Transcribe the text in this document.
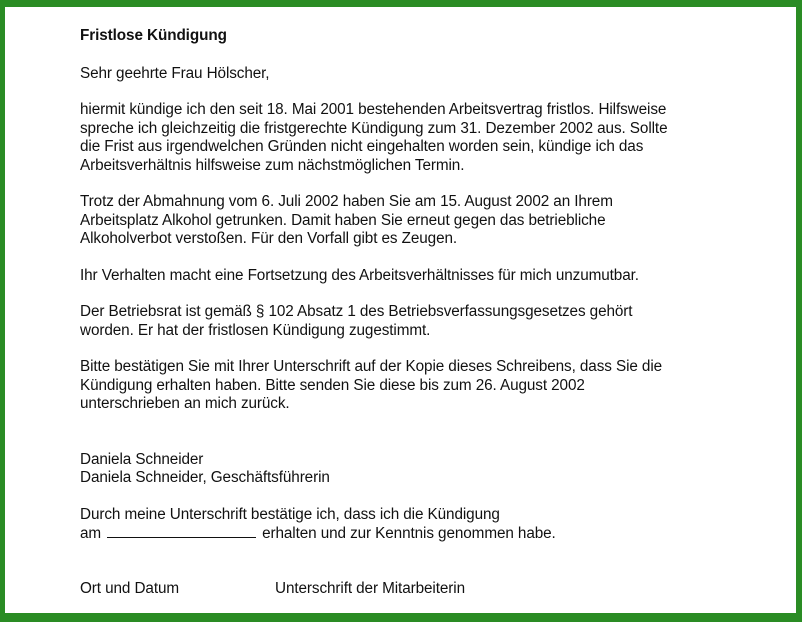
Fristlose Kündigung

Sehr geehrte Frau Hölscher,

hiermit kündige ich den seit 18. Mai 2001 bestehenden Arbeitsvertrag fristlos. Hilfsweise
spreche ich gleichzeitig die fristgerechte Kündigung zum 31. Dezember 2002 aus. Sollte
die Frist aus irgendwelchen Gründen nicht eingehalten worden sein, kündige ich das
Arbeitsverhältnis hilfsweise zum nächstmöglichen Termin.

Trotz der Abmahnung vom 6. Juli 2002 haben Sie am 15. August 2002 an Ihrem
Arbeitsplatz Alkohol getrunken. Damit haben Sie erneut gegen das betriebliche
Alkoholverbot verstoßen. Für den Vorfall gibt es Zeugen.

Ihr Verhalten macht eine Fortsetzung des Arbeitsverhältnisses für mich unzumutbar.

Der Betriebsrat ist gemäß § 102 Absatz 1 des Betriebsverfassungsgesetzes gehört
worden. Er hat der fristlosen Kündigung zugestimmt.

Bitte bestätigen Sie mit Ihrer Unterschrift auf der Kopie dieses Schreibens, dass Sie die
Kündigung erhalten haben. Bitte senden Sie diese bis zum 26. August 2002
unterschrieben an mich zurück.

Daniela Schneider
Daniela Schneider, Geschäftsführerin
Durch meine Unterschrift bestätige ich, dass ich die Kündigung
am	erhalten und zur Kenntnis genommen habe.
Ort und Datum	Unterschrift der Mitarbeiterin
